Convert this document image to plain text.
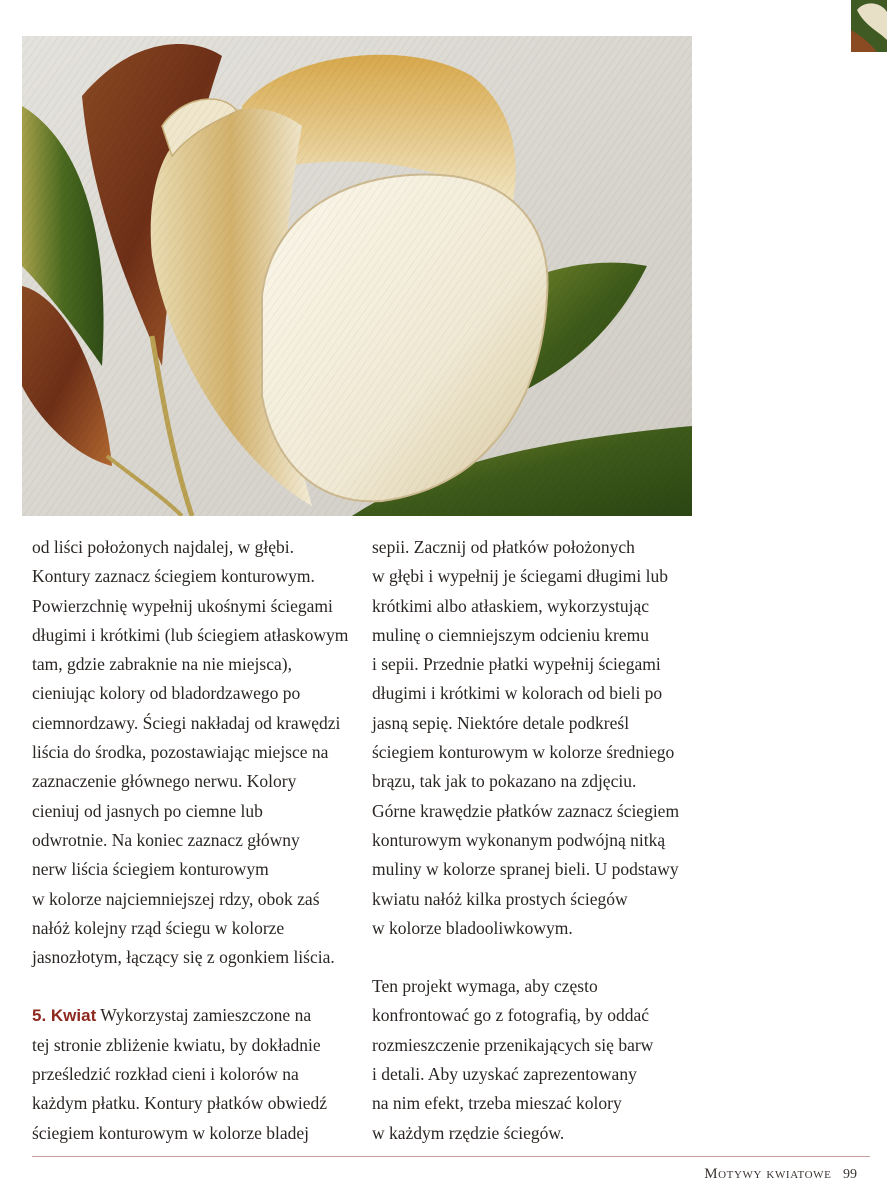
od liści położonych najdalej, w głębi.
Kontury zaznacz ściegiem konturowym.
Powierzchnię wypełnij ukośnymi ściegami
długimi i krótkimi (lub ściegiem atłaskowym
tam, gdzie zabraknie na nie miejsca),
cieniując kolory od bladordzawego po
ciemnordzawy. Ściegi nakładaj od krawędzi
liścia do środka, pozostawiając miejsce na
zaznaczenie głównego nerwu. Kolory
cieniuj od jasnych po ciemne lub
odwrotnie. Na koniec zaznacz główny
nerw liścia ściegiem konturowym
w kolorze najciemniejszej rdzy, obok zaś
nałóż kolejny rząd ściegu w kolorze
jasnozłotym, łączący się z ogonkiem liścia.

5. Kwiat Wykorzystaj zamieszczone na
tej stronie zbliżenie kwiatu, by dokładnie
prześledzić rozkład cieni i kolorów na
każdym płatku. Kontury płatków obwiedź
ściegiem konturowym w kolorze bladej

sepii. Zacznij od płatków położonych
w głębi i wypełnij je ściegami długimi lub
krótkimi albo atłaskiem, wykorzystując
mulinę o ciemniejszym odcieniu kremu
i sepii. Przednie płatki wypełnij ściegami
długimi i krótkimi w kolorach od bieli po
jasną sepię. Niektóre detale podkreśl
ściegiem konturowym w kolorze średniego
brązu, tak jak to pokazano na zdjęciu.
Górne krawędzie płatków zaznacz ściegiem
konturowym wykonanym podwójną nitką
muliny w kolorze spranej bieli. U podstawy
kwiatu nałóż kilka prostych ściegów
w kolorze bladooliwkowym.

Ten projekt wymaga, aby często
konfrontować go z fotografią, by oddać
rozmieszczenie przenikających się barw
i detali. Aby uzyskać zaprezentowany
na nim efekt, trzeba mieszać kolory
w każdym rzędzie ściegów.

Motywy kwiatowe 99
